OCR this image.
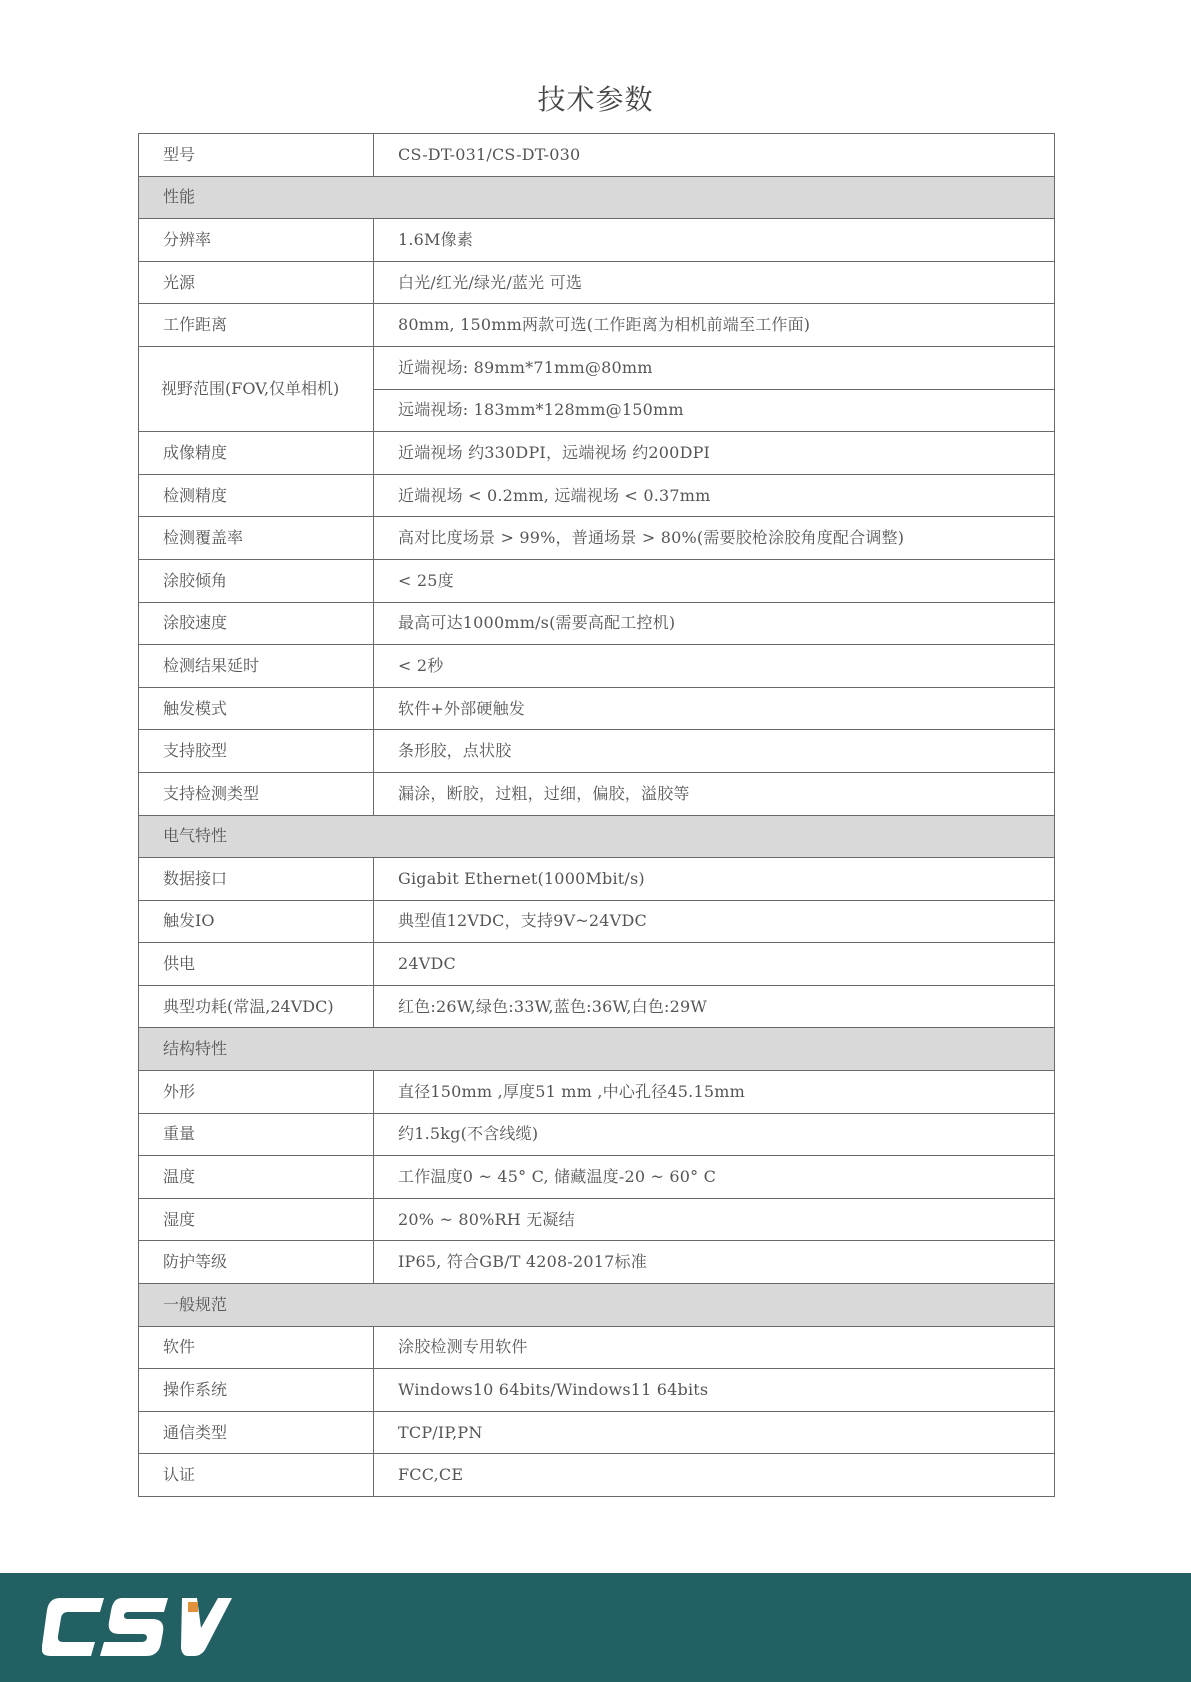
技术参数
型号	CS-DT-031/CS-DT-030
性能	
分辨率	1.6M像素
光源	白光/红光/绿光/蓝光 可选
工作距离	80mm, 150mm两款可选(工作距离为相机前端至工作面)
视野范围(FOV,仅单相机)	近端视场: 89mm*71mm@80mm
	远端视场: 183mm*128mm@150mm
成像精度	近端视场 约330DPI，远端视场 约200DPI
检测精度	近端视场 < 0.2mm, 远端视场 < 0.37mm
检测覆盖率	高对比度场景 > 99%，普通场景 > 80%(需要胶枪涂胶角度配合调整)
涂胶倾角	< 25度
涂胶速度	最高可达1000mm/s(需要高配工控机)
检测结果延时	< 2秒
触发模式	软件+外部硬触发
支持胶型	条形胶，点状胶
支持检测类型	漏涂，断胶，过粗，过细，偏胶，溢胶等
电气特性	
数据接口	Gigabit Ethernet(1000Mbit/s)
触发IO	典型值12VDC，支持9V~24VDC
供电	24VDC
典型功耗(常温,24VDC)	红色:26W,绿色:33W,蓝色:36W,白色:29W
结构特性	
外形	直径150mm ,厚度51 mm ,中心孔径45.15mm
重量	约1.5kg(不含线缆)
温度	工作温度0 ~ 45° C, 储藏温度-20 ~ 60° C
湿度	20% ~ 80%RH 无凝结
防护等级	IP65, 符合GB/T 4208-2017标准
一般规范	
软件	涂胶检测专用软件
操作系统	Windows10 64bits/Windows11 64bits
通信类型	TCP/IP,PN
认证	FCC,CE
